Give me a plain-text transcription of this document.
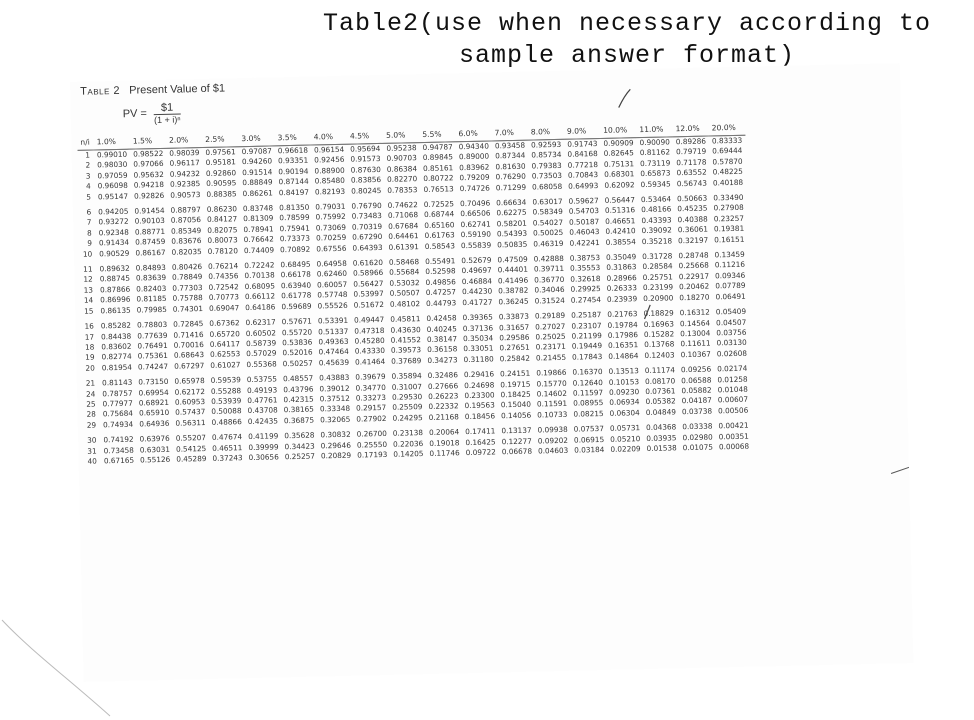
Table2(use when necessary according to sample answer format)
Table 2 Present Value of $1
PV = $\frac{\$1}{\text{(1 + i)ⁿ}}$
n/i	1.0%	1.5%	2.0%	2.5%	3.0%	3.5%	4.0%	4.5%	5.0%	5.5%	6.0%	7.0%	8.0%	9.0%	10.0%	11.0%	12.0%	20.0%
1	0.99010	0.98522	0.98039	0.97561	0.97087	0.96618	0.96154	0.95694	0.95238	0.94787	0.94340	0.93458	0.92593	0.91743	0.90909	0.90090	0.89286	0.83333
2	0.98030	0.97066	0.96117	0.95181	0.94260	0.93351	0.92456	0.91573	0.90703	0.89845	0.89000	0.87344	0.85734	0.84168	0.82645	0.81162	0.79719	0.69444
3	0.97059	0.95632	0.94232	0.92860	0.91514	0.90194	0.88900	0.87630	0.86384	0.85161	0.83962	0.81630	0.79383	0.77218	0.75131	0.73119	0.71178	0.57870
4	0.96098	0.94218	0.92385	0.90595	0.88849	0.87144	0.85480	0.83856	0.82270	0.80722	0.79209	0.76290	0.73503	0.70843	0.68301	0.65873	0.63552	0.48225
5	0.95147	0.92826	0.90573	0.88385	0.86261	0.84197	0.82193	0.80245	0.78353	0.76513	0.74726	0.71299	0.68058	0.64993	0.62092	0.59345	0.56743	0.40188
6	0.94205	0.91454	0.88797	0.86230	0.83748	0.81350	0.79031	0.76790	0.74622	0.72525	0.70496	0.66634	0.63017	0.59627	0.56447	0.53464	0.50663	0.33490
7	0.93272	0.90103	0.87056	0.84127	0.81309	0.78599	0.75992	0.73483	0.71068	0.68744	0.66506	0.62275	0.58349	0.54703	0.51316	0.48166	0.45235	0.27908
8	0.92348	0.88771	0.85349	0.82075	0.78941	0.75941	0.73069	0.70319	0.67684	0.65160	0.62741	0.58201	0.54027	0.50187	0.46651	0.43393	0.40388	0.23257
9	0.91434	0.87459	0.83676	0.80073	0.76642	0.73373	0.70259	0.67290	0.64461	0.61763	0.59190	0.54393	0.50025	0.46043	0.42410	0.39092	0.36061	0.19381
10	0.90529	0.86167	0.82035	0.78120	0.74409	0.70892	0.67556	0.64393	0.61391	0.58543	0.55839	0.50835	0.46319	0.42241	0.38554	0.35218	0.32197	0.16151
11	0.89632	0.84893	0.80426	0.76214	0.72242	0.68495	0.64958	0.61620	0.58468	0.55491	0.52679	0.47509	0.42888	0.38753	0.35049	0.31728	0.28748	0.13459
12	0.88745	0.83639	0.78849	0.74356	0.70138	0.66178	0.62460	0.58966	0.55684	0.52598	0.49697	0.44401	0.39711	0.35553	0.31863	0.28584	0.25668	0.11216
13	0.87866	0.82403	0.77303	0.72542	0.68095	0.63940	0.60057	0.56427	0.53032	0.49856	0.46884	0.41496	0.36770	0.32618	0.28966	0.25751	0.22917	0.09346
14	0.86996	0.81185	0.75788	0.70773	0.66112	0.61778	0.57748	0.53997	0.50507	0.47257	0.44230	0.38782	0.34046	0.29925	0.26333	0.23199	0.20462	0.07789
15	0.86135	0.79985	0.74301	0.69047	0.64186	0.59689	0.55526	0.51672	0.48102	0.44793	0.41727	0.36245	0.31524	0.27454	0.23939	0.20900	0.18270	0.06491
16	0.85282	0.78803	0.72845	0.67362	0.62317	0.57671	0.53391	0.49447	0.45811	0.42458	0.39365	0.33873	0.29189	0.25187	0.21763	0.18829	0.16312	0.05409
17	0.84438	0.77639	0.71416	0.65720	0.60502	0.55720	0.51337	0.47318	0.43630	0.40245	0.37136	0.31657	0.27027	0.23107	0.19784	0.16963	0.14564	0.04507
18	0.83602	0.76491	0.70016	0.64117	0.58739	0.53836	0.49363	0.45280	0.41552	0.38147	0.35034	0.29586	0.25025	0.21199	0.17986	0.15282	0.13004	0.03756
19	0.82774	0.75361	0.68643	0.62553	0.57029	0.52016	0.47464	0.43330	0.39573	0.36158	0.33051	0.27651	0.23171	0.19449	0.16351	0.13768	0.11611	0.03130
20	0.81954	0.74247	0.67297	0.61027	0.55368	0.50257	0.45639	0.41464	0.37689	0.34273	0.31180	0.25842	0.21455	0.17843	0.14864	0.12403	0.10367	0.02608
21	0.81143	0.73150	0.65978	0.59539	0.53755	0.48557	0.43883	0.39679	0.35894	0.32486	0.29416	0.24151	0.19866	0.16370	0.13513	0.11174	0.09256	0.02174
24	0.78757	0.69954	0.62172	0.55288	0.49193	0.43796	0.39012	0.34770	0.31007	0.27666	0.24698	0.19715	0.15770	0.12640	0.10153	0.08170	0.06588	0.01258
25	0.77977	0.68921	0.60953	0.53939	0.47761	0.42315	0.37512	0.33273	0.29530	0.26223	0.23300	0.18425	0.14602	0.11597	0.09230	0.07361	0.05882	0.01048
28	0.75684	0.65910	0.57437	0.50088	0.43708	0.38165	0.33348	0.29157	0.25509	0.22332	0.19563	0.15040	0.11591	0.08955	0.06934	0.05382	0.04187	0.00607
29	0.74934	0.64936	0.56311	0.48866	0.42435	0.36875	0.32065	0.27902	0.24295	0.21168	0.18456	0.14056	0.10733	0.08215	0.06304	0.04849	0.03738	0.00506
30	0.74192	0.63976	0.55207	0.47674	0.41199	0.35628	0.30832	0.26700	0.23138	0.20064	0.17411	0.13137	0.09938	0.07537	0.05731	0.04368	0.03338	0.00421
31	0.73458	0.63031	0.54125	0.46511	0.39999	0.34423	0.29646	0.25550	0.22036	0.19018	0.16425	0.12277	0.09202	0.06915	0.05210	0.03935	0.02980	0.00351
40	0.67165	0.55126	0.45289	0.37243	0.30656	0.25257	0.20829	0.17193	0.14205	0.11746	0.09722	0.06678	0.04603	0.03184	0.02209	0.01538	0.01075	0.00068
